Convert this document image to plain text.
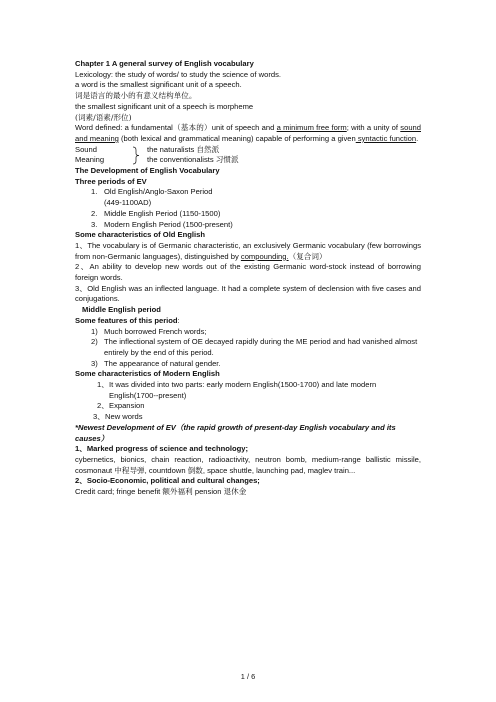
Chapter 1 A general survey of English vocabulary

Lexicology: the study of words/ to study the science of words.

a word is the smallest significant unit of a speech.

词是语言的最小的有意义结构单位。

the smallest significant unit of a speech is morpheme

(词素/语素/形位)

Word defined: a fundamental（基本的）unit of speech and a minimum free form; with a unity of sound and meaning (both lexical and grammatical meaning) capable of performing a given syntactic function.

Sound
Meaning
the naturalists 自然派
the conventionalists 习惯派

The Development of English Vocabulary

Three periods of EV

1. Old English/Anglo-Saxon Period
(449-1100AD)
2. Middle English Period (1150-1500)
3. Modern English Period (1500-present)

Some characteristics of Old English

1、The vocabulary is of Germanic characteristic, an exclusively Germanic vocabulary (few borrowings from non-Germanic languages), distinguished by compounding.（复合词）

2、An ability to develop new words out of the existing Germanic word-stock instead of borrowing foreign words.

3、Old English was an inflected language. It had a complete system of declension with five cases and conjugations.

Middle English period

Some features of this period:

1) Much borrowed French words;
2) The inflectional system of OE decayed rapidly during the ME period and had vanished almost entirely by the end of this period.
3) The appearance of natural gender.

Some characteristics of Modern English

1、 It was divided into two parts: early modern English(1500-1700) and late modern English(1700--present)
2、 Expansion
3、 New words

*Newest Development of EV（the rapid growth of present-day English vocabulary and its causes）

1、Marked progress of science and technology;

cybernetics, bionics, chain reaction, radioactivity, neutron bomb, medium-range ballistic missile, cosmonaut 中程导弹, countdown 倒数, space shuttle, launching pad, maglev train...

2、Socio-Economic, political and cultural changes;

Credit card; fringe benefit 额外福利 pension 退休金

1 / 6
